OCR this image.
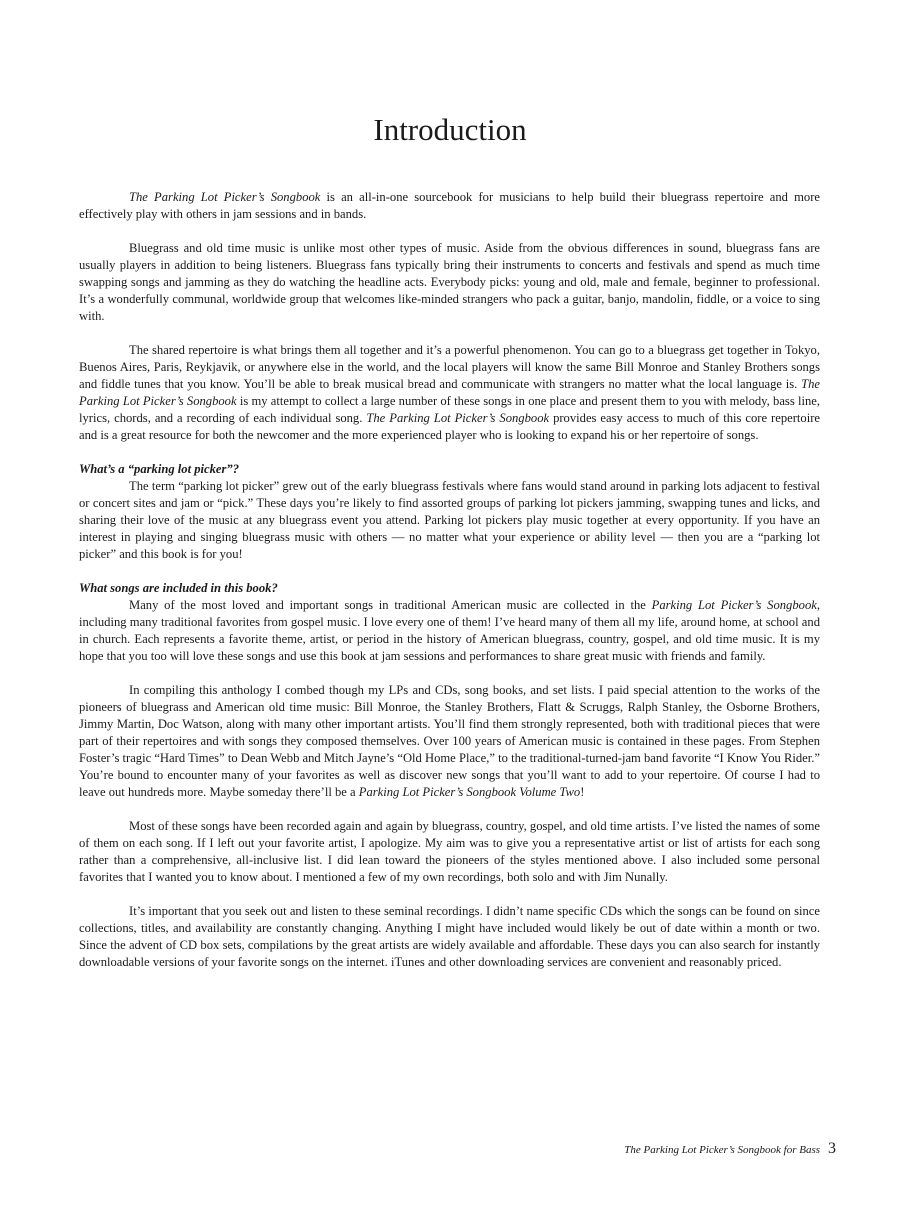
Introduction

The Parking Lot Picker’s Songbook is an all-in-one sourcebook for musicians to help build their bluegrass repertoire and more effectively play with others in jam sessions and in bands.

Bluegrass and old time music is unlike most other types of music. Aside from the obvious differences in sound, bluegrass fans are usually players in addition to being listeners. Bluegrass fans typically bring their instruments to concerts and festivals and spend as much time swapping songs and jamming as they do watching the headline acts. Everybody picks: young and old, male and female, beginner to professional. It’s a wonderfully communal, worldwide group that welcomes like-minded strangers who pack a guitar, banjo, mandolin, fiddle, or a voice to sing with.

The shared repertoire is what brings them all together and it’s a powerful phenomenon. You can go to a bluegrass get together in Tokyo, Buenos Aires, Paris, Reykjavik, or anywhere else in the world, and the local players will know the same Bill Monroe and Stanley Brothers songs and fiddle tunes that you know. You’ll be able to break musical bread and communicate with strangers no matter what the local language is. The Parking Lot Picker’s Songbook is my attempt to collect a large number of these songs in one place and present them to you with melody, bass line, lyrics, chords, and a recording of each individual song. The Parking Lot Picker’s Songbook provides easy access to much of this core repertoire and is a great resource for both the newcomer and the more experienced player who is looking to expand his or her repertoire of songs.

What’s a “parking lot picker”?

The term “parking lot picker” grew out of the early bluegrass festivals where fans would stand around in parking lots adjacent to festival or concert sites and jam or “pick.” These days you’re likely to find assorted groups of parking lot pickers jamming, swapping tunes and licks, and sharing their love of the music at any bluegrass event you attend. Parking lot pickers play music together at every opportunity. If you have an interest in playing and singing bluegrass music with others — no matter what your experience or ability level — then you are a “parking lot picker” and this book is for you!

What songs are included in this book?

Many of the most loved and important songs in traditional American music are collected in the Parking Lot Picker’s Songbook, including many traditional favorites from gospel music. I love every one of them! I’ve heard many of them all my life, around home, at school and in church. Each represents a favorite theme, artist, or period in the history of American bluegrass, country, gospel, and old time music. It is my hope that you too will love these songs and use this book at jam sessions and performances to share great music with friends and family.

In compiling this anthology I combed though my LPs and CDs, song books, and set lists. I paid special attention to the works of the pioneers of bluegrass and American old time music: Bill Monroe, the Stanley Brothers, Flatt & Scruggs, Ralph Stanley, the Osborne Brothers, Jimmy Martin, Doc Watson, along with many other important artists. You’ll find them strongly represented, both with traditional pieces that were part of their repertoires and with songs they composed themselves. Over 100 years of American music is contained in these pages. From Stephen Foster’s tragic “Hard Times” to Dean Webb and Mitch Jayne’s “Old Home Place,” to the traditional-turned-jam band favorite “I Know You Rider.” You’re bound to encounter many of your favorites as well as discover new songs that you’ll want to add to your repertoire. Of course I had to leave out hundreds more. Maybe someday there’ll be a Parking Lot Picker’s Songbook Volume Two!

Most of these songs have been recorded again and again by bluegrass, country, gospel, and old time artists. I’ve listed the names of some of them on each song. If I left out your favorite artist, I apologize. My aim was to give you a representative artist or list of artists for each song rather than a comprehensive, all-inclusive list. I did lean toward the pioneers of the styles mentioned above. I also included some personal favorites that I wanted you to know about. I mentioned a few of my own recordings, both solo and with Jim Nunally.

It’s important that you seek out and listen to these seminal recordings. I didn’t name specific CDs which the songs can be found on since collections, titles, and availability are constantly changing. Anything I might have included would likely be out of date within a month or two. Since the advent of CD box sets, compilations by the great artists are widely available and affordable. These days you can also search for instantly downloadable versions of your favorite songs on the internet. iTunes and other downloading services are convenient and reasonably priced.

The Parking Lot Picker’s Songbook for Bass 3
